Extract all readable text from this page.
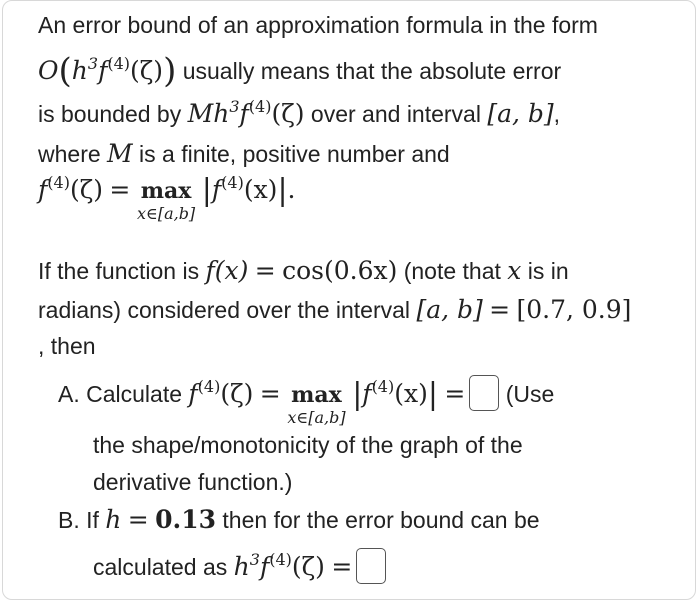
An error bound of an approximation formula in the form
$O(h^3f^{(4)}(\zeta))$ usually means that the absolute error
is bounded by $Mh^3f^{(4)}(\zeta)$ over and interval [a, b],
where M is a finite, positive number and
$f^{(4)}(\zeta) = \max$
x∈[a,b]
$|f^{(4)}(x)|$.
If the function is f(x) = cos(0.6x) (note that x is in
radians) considered over the interval [a, b] = [0.7, 0.9]
, then
A. Calculate $f^{(4)}(\zeta) = \max$
x∈[a,b]
$|f^{(4)}(x)| = (Use$
the shape/monotonicity of the graph of the
derivative function.)
B. If h = 0.13 then for the error bound can be
calculated as $h^3f^{(4)}(\zeta)$ =
